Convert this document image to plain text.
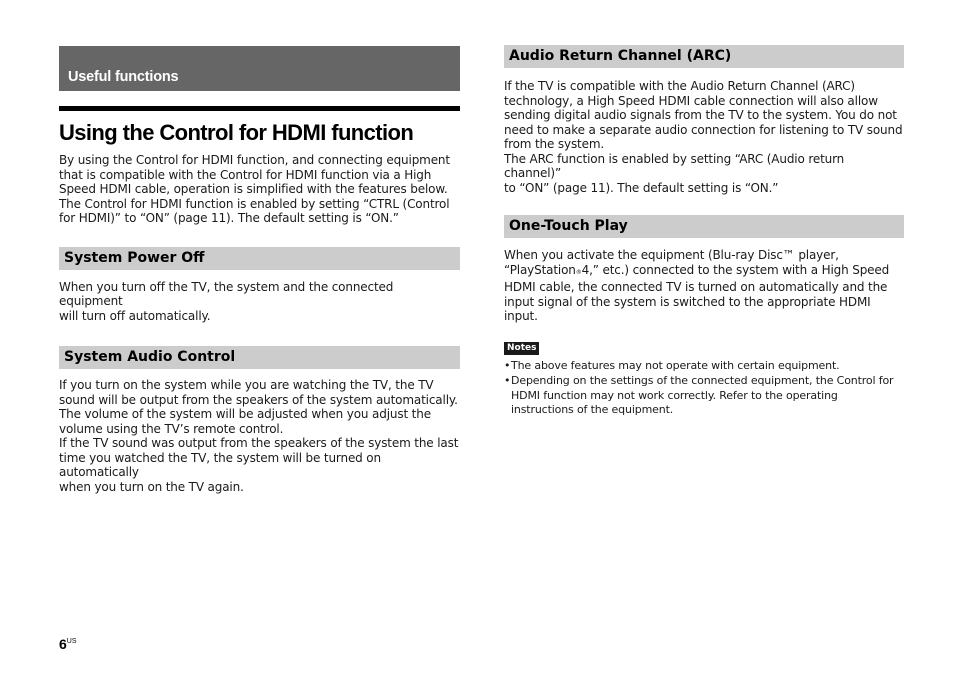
Useful functions
Using the Control for HDMI function

By using the Control for HDMI function, and connecting equipment
that is compatible with the Control for HDMI function via a High
Speed HDMI cable, operation is simplified with the features below.
The Control for HDMI function is enabled by setting “CTRL (Control
for HDMI)” to “ON” (page 11). The default setting is “ON.”

System Power Off

When you turn off the TV, the system and the connected equipment
will turn off automatically.

System Audio Control

If you turn on the system while you are watching the TV, the TV
sound will be output from the speakers of the system automatically.
The volume of the system will be adjusted when you adjust the
volume using the TV’s remote control.
If the TV sound was output from the speakers of the system the last
time you watched the TV, the system will be turned on automatically
when you turn on the TV again.

Audio Return Channel (ARC)

If the TV is compatible with the Audio Return Channel (ARC)
technology, a High Speed HDMI cable connection will also allow
sending digital audio signals from the TV to the system. You do not
need to make a separate audio connection for listening to TV sound
from the system.
The ARC function is enabled by setting “ARC (Audio return channel)”
to “ON” (page 11). The default setting is “ON.”

One-Touch Play

When you activate the equipment (Blu-ray Disc™ player,
“PlayStation®4,” etc.) connected to the system with a High Speed
HDMI cable, the connected TV is turned on automatically and the
input signal of the system is switched to the appropriate HDMI input.

Notes
• The above features may not operate with certain equipment.
• Depending on the settings of the connected equipment, the Control for
HDMI function may not work correctly. Refer to the operating
instructions of the equipment.
$6^{US}$
